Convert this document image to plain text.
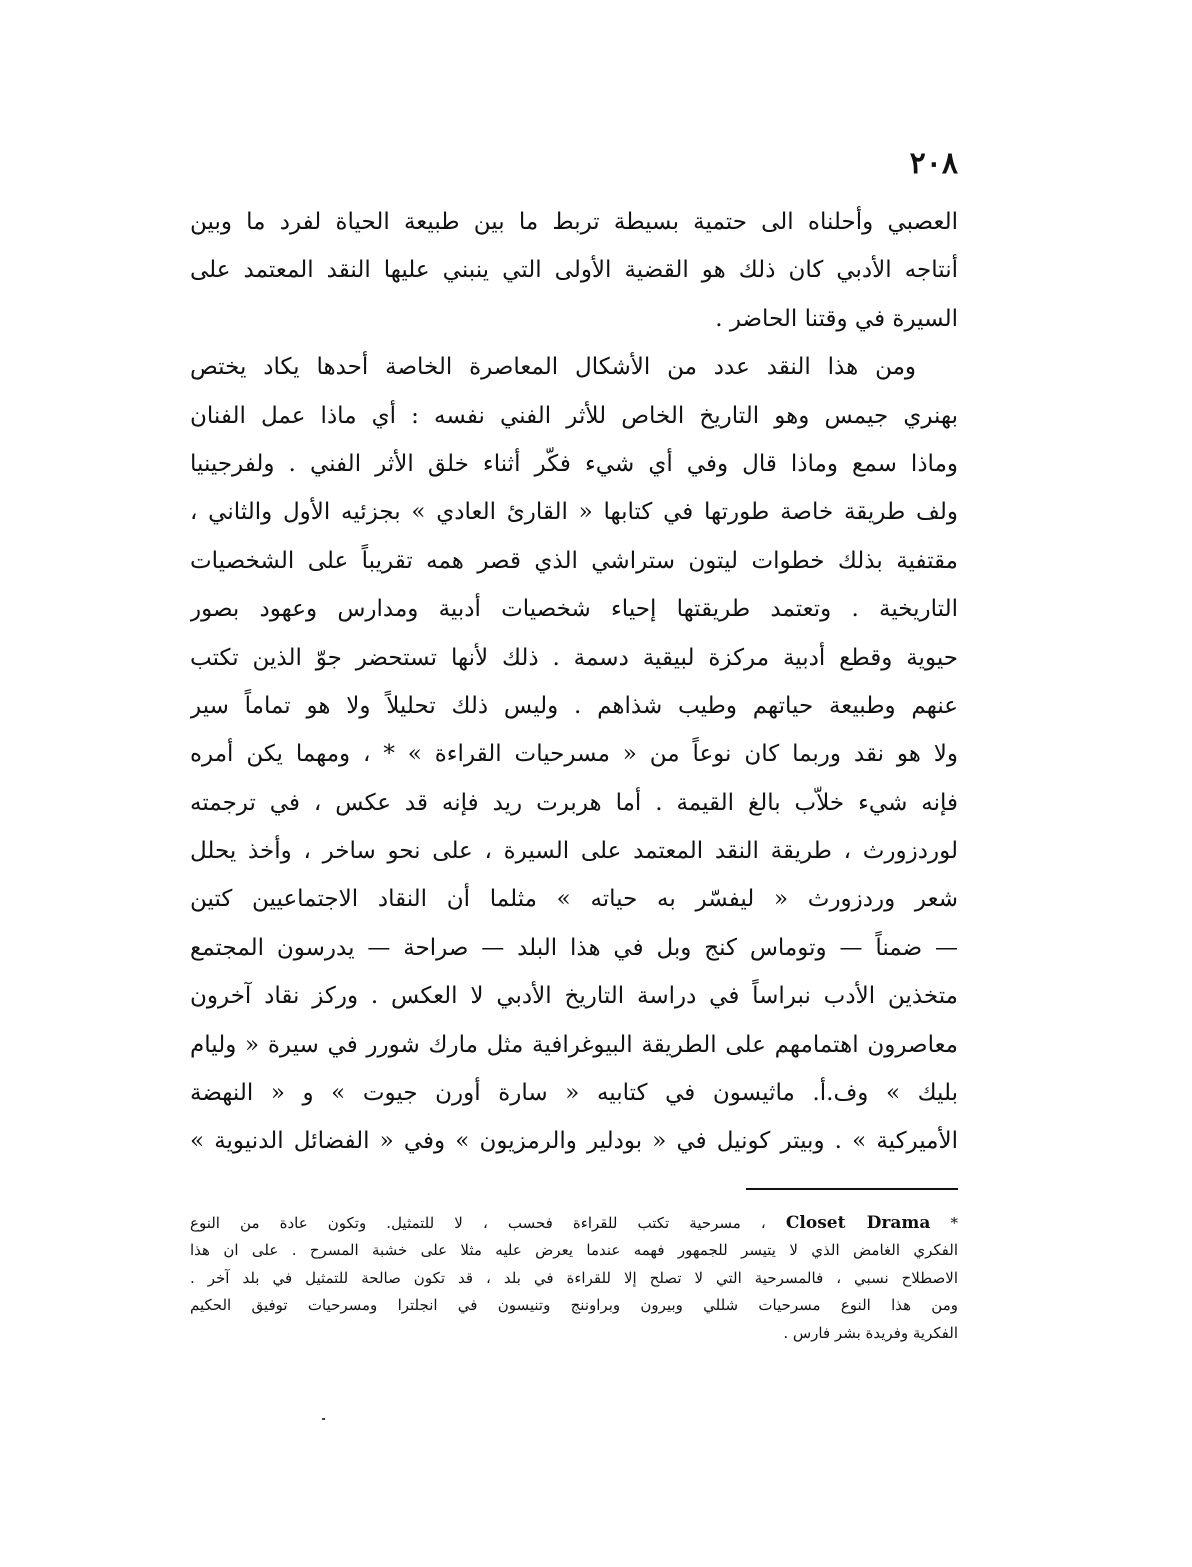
٢٠٨
العصبي وأحلناه الى حتمية بسيطة تربط ما بين طبيعة الحياة لفرد ما وبين
أنتاجه الأدبي كان ذلك هو القضية الأولى التي ينبني عليها النقد المعتمد على
السيرة في وقتنا الحاضر .
ومن هذا النقد عدد من الأشكال المعاصرة الخاصة أحدها يكاد يختص
بهنري جيمس وهو التاريخ الخاص للأثر الفني نفسه : أي ماذا عمل الفنان
وماذا سمع وماذا قال وفي أي شيء فكّر أثناء خلق الأثر الفني . ولفرجينيا
ولف طريقة خاصة طورتها في كتابها « القارئ العادي » بجزئيه الأول والثاني ،
مقتفية بذلك خطوات ليتون ستراشي الذي قصر همه تقريباً على الشخصيات
التاريخية . وتعتمد طريقتها إحياء شخصيات أدبية ومدارس وعهود بصور
حيوية وقطع أدبية مركزة لبيقية دسمة . ذلك لأنها تستحضر جوّ الذين تكتب
عنهم وطبيعة حياتهم وطيب شذاهم . وليس ذلك تحليلاً ولا هو تماماً سير
ولا هو نقد وربما كان نوعاً من « مسرحيات القراءة » * ، ومهما يكن أمره
فإنه شيء خلاّب بالغ القيمة . أما هربرت ريد فإنه قد عكس ، في ترجمته
لوردزورث ، طريقة النقد المعتمد على السيرة ، على نحو ساخر ، وأخذ يحلل
شعر وردزورث « ليفسّر به حياته » مثلما أن النقاد الاجتماعيين كتين
— ضمناً — وتوماس كنج وبل في هذا البلد — صراحة — يدرسون المجتمع
متخذين الأدب نبراساً في دراسة التاريخ الأدبي لا العكس . وركز نقاد آخرون
معاصرون اهتمامهم على الطريقة البيوغرافية مثل مارك شورر في سيرة « وليام
بليك » وف.أ. ماثيسون في كتابيه « سارة أورن جيوت » و « النهضة
الأميركية » . وبيتر كونيل في « بودلير والرمزيون » وفي « الفضائل الدنيوية »
* Closet Drama ، مسرحية تكتب للقراءة فحسب ، لا للتمثيل. وتكون عادة من النوع
الفكري الغامض الذي لا يتيسر للجمهور فهمه عندما يعرض عليه مثلا على خشبة المسرح . على ان هذا
الاصطلاح نسبي ، فالمسرحية التي لا تصلح إلا للقراءة في بلد ، قد تكون صالحة للتمثيل في بلد آخر .
ومن هذا النوع مسرحيات شللي وبيرون وبراوننج وتنيسون في انجلترا ومسرحيات توفيق الحكيم
الفكرية وفريدة بشر فارس .
